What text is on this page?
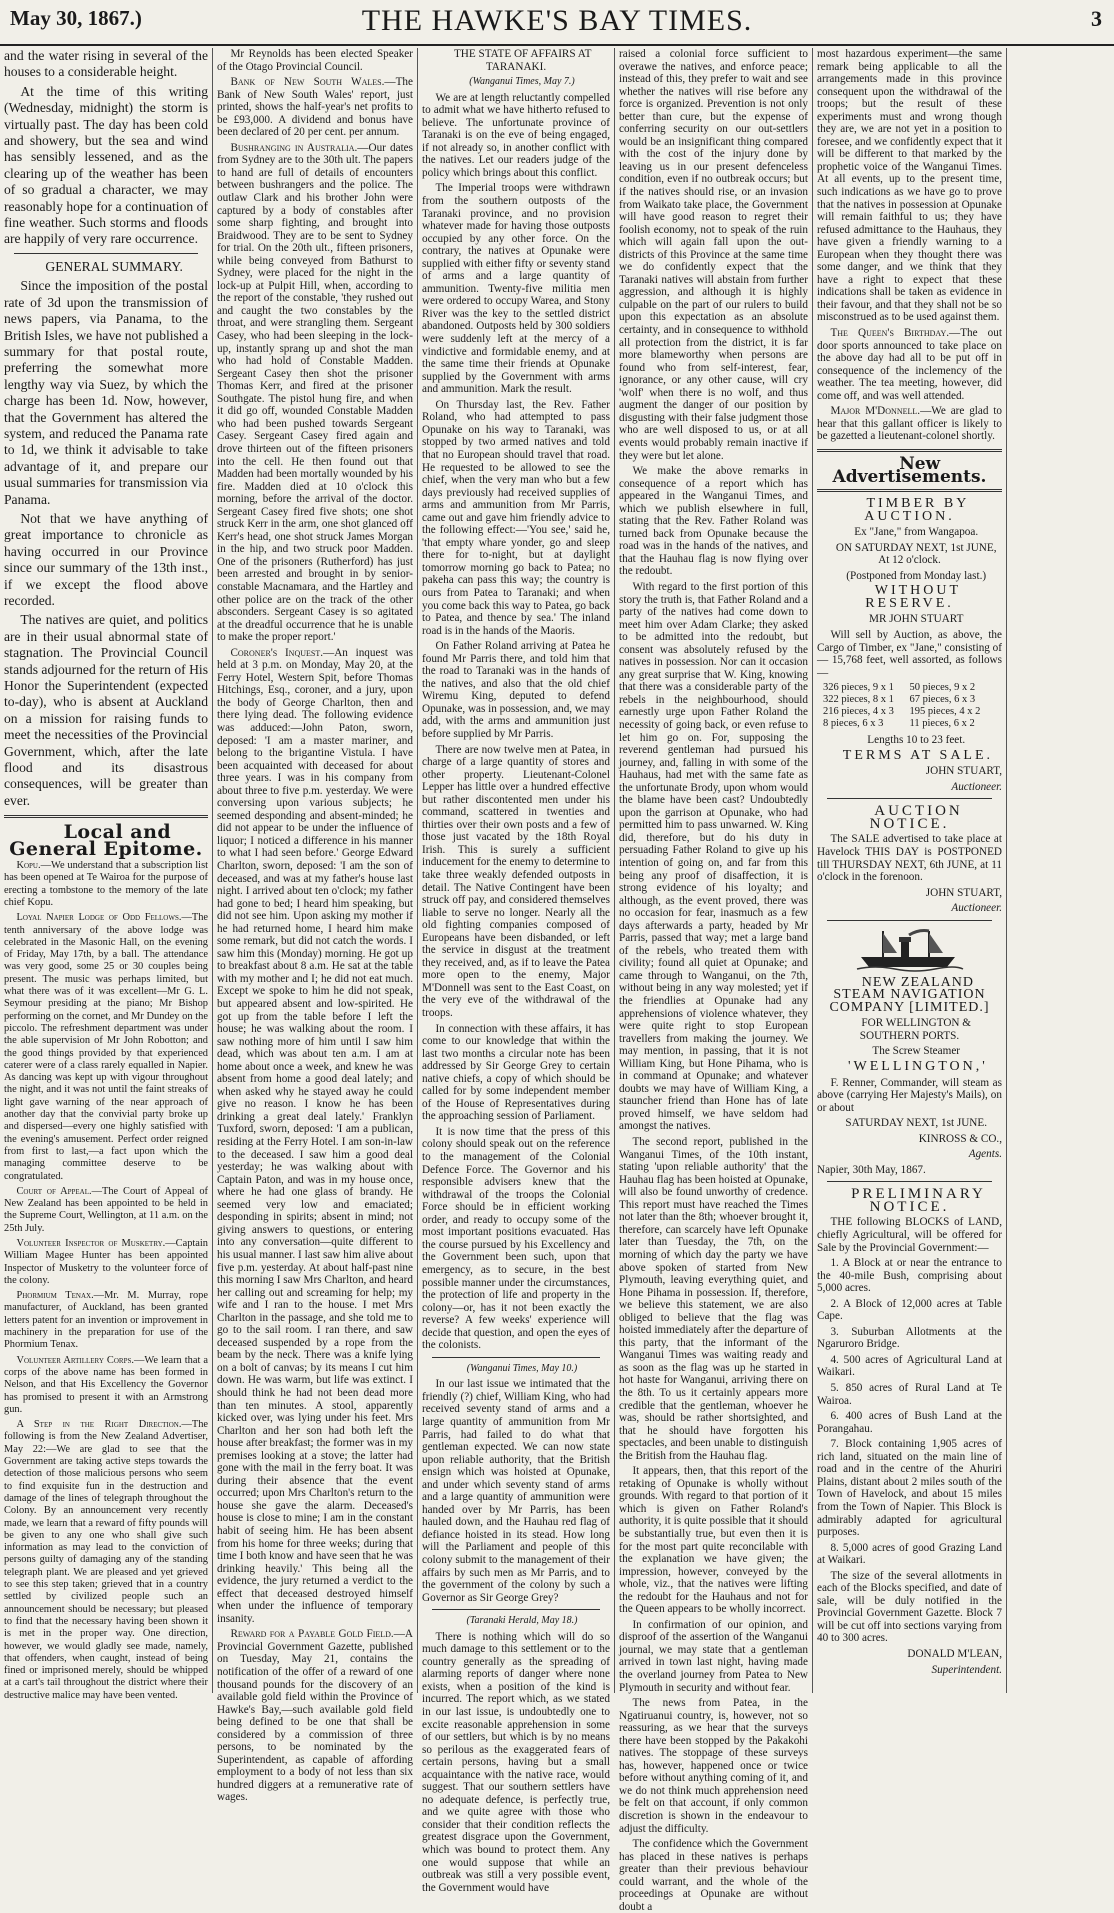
May 30, 1867.)	THE HAWKE'S BAY TIMES.	3

and the water rising in several of the houses to a considerable height.

At the time of this writing (Wednesday, midnight) the storm is virtually past. The day has been cold and showery, but the sea and wind has sensibly lessened, and as the clearing up of the weather has been of so gradual a character, we may reasonably hope for a continuation of fine weather. Such storms and floods are happily of very rare occurrence.

GENERAL SUMMARY.

Since the imposition of the postal rate of 3d upon the transmission of news papers, via Panama, to the British Isles, we have not published a summary for that postal route, preferring the somewhat more lengthy way via Suez, by which the charge has been 1d. Now, however, that the Government has altered the system, and reduced the Panama rate to 1d, we think it advisable to take advantage of it, and prepare our usual summaries for transmission via Panama.

Not that we have anything of great importance to chronicle as having occurred in our Province since our summary of the 13th inst., if we except the flood above recorded.

The natives are quiet, and politics are in their usual abnormal state of stagnation. The Provincial Council stands adjourned for the return of His Honor the Superintendent (expected to-day), who is absent at Auckland on a mission for raising funds to meet the necessities of the Provincial Government, which, after the late flood and its disastrous consequences, will be greater than ever.

Local and General Epitome.

Kopu.—We understand that a subscription list has been opened at Te Wairoa for the purpose of erecting a tombstone to the memory of the late chief Kopu.

Loyal Napier Lodge of Odd Fellows.—The tenth anniversary of the above lodge was celebrated in the Masonic Hall, on the evening of Friday, May 17th, by a ball. The attendance was very good, some 25 or 30 couples being present. The music was perhaps limited, but what there was of it was excellent—Mr G. L. Seymour presiding at the piano; Mr Bishop performing on the cornet, and Mr Dundey on the piccolo. The refreshment department was under the able supervision of Mr John Robotton; and the good things provided by that experienced caterer were of a class rarely equalled in Napier. As dancing was kept up with vigour throughout the night, and it was not until the faint streaks of light gave warning of the near approach of another day that the convivial party broke up and dispersed—every one highly satisfied with the evening's amusement. Perfect order reigned from first to last,—a fact upon which the managing committee deserve to be congratulated.

Court of Appeal.—The Court of Appeal of New Zealand has been appointed to be held in the Supreme Court, Wellington, at 11 a.m. on the 25th July.

Volunteer Inspector of Musketry.—Captain William Magee Hunter has been appointed Inspector of Musketry to the volunteer force of the colony.

Phormium Tenax.—Mr. M. Murray, rope manufacturer, of Auckland, has been granted letters patent for an invention or improvement in machinery in the preparation for use of the Phormium Tenax.

Volunteer Artillery Corps.—We learn that a corps of the above name has been formed in Nelson, and that His Excellency the Governor has promised to present it with an Armstrong gun.

A Step in the Right Direction.—The following is from the New Zealand Advertiser, May 22:—We are glad to see that the Government are taking active steps towards the detection of those malicious persons who seem to find exquisite fun in the destruction and damage of the lines of telegraph throughout the Colony. By an announcement very recently made, we learn that a reward of fifty pounds will be given to any one who shall give such information as may lead to the conviction of persons guilty of damaging any of the standing telegraph plant. We are pleased and yet grieved to see this step taken; grieved that in a country settled by civilized people such an announcement should be necessary; but pleased to find that the necessary having been shown it is met in the proper way. One direction, however, we would gladly see made, namely, that offenders, when caught, instead of being fined or imprisoned merely, should be whipped at a cart's tail throughout the district where their destructive malice may have been vented.

Mr Reynolds has been elected Speaker of the Otago Provincial Council.

Bank of New South Wales.—The Bank of New South Wales' report, just printed, shows the half-year's net profits to be £93,000. A dividend and bonus have been declared of 20 per cent. per annum.

Bushranging in Australia.—Our dates from Sydney are to the 30th ult. The papers to hand are full of details of encounters between bushrangers and the police. The outlaw Clark and his brother John were captured by a body of constables after some sharp fighting, and brought into Braidwood. They are to be sent to Sydney for trial. On the 20th ult., fifteen prisoners, while being conveyed from Bathurst to Sydney, were placed for the night in the lock-up at Pulpit Hill, when, according to the report of the constable, 'they rushed out and caught the two constables by the throat, and were strangling them. Sergeant Casey, who had been sleeping in the lock-up, instantly sprang up and shot the man who had hold of Constable Madden. Sergeant Casey then shot the prisoner Thomas Kerr, and fired at the prisoner Southgate. The pistol hung fire, and when it did go off, wounded Constable Madden who had been pushed towards Sergeant Casey. Sergeant Casey fired again and drove thirteen out of the fifteen prisoners into the cell. He then found out that Madden had been mortally wounded by his fire. Madden died at 10 o'clock this morning, before the arrival of the doctor. Sergeant Casey fired five shots; one shot struck Kerr in the arm, one shot glanced off Kerr's head, one shot struck James Morgan in the hip, and two struck poor Madden. One of the prisoners (Rutherford) has just been arrested and brought in by senior-constable Macnamara, and the Hartley and other police are on the track of the other absconders. Sergeant Casey is so agitated at the dreadful occurrence that he is unable to make the proper report.'

Coroner's Inquest.—An inquest was held at 3 p.m. on Monday, May 20, at the Ferry Hotel, Western Spit, before Thomas Hitchings, Esq., coroner, and a jury, upon the body of George Charlton, then and there lying dead. The following evidence was adduced:—John Paton, sworn, deposed: 'I am a master mariner, and belong to the brigantine Vistula. I have been acquainted with deceased for about three years. I was in his company from about three to five p.m. yesterday. We were conversing upon various subjects; he seemed desponding and absent-minded; he did not appear to be under the influence of liquor; I noticed a difference in his manner to what I had seen before.' George Edward Charlton, sworn, deposed: 'I am the son of deceased, and was at my father's house last night. I arrived about ten o'clock; my father had gone to bed; I heard him speaking, but did not see him. Upon asking my mother if he had returned home, I heard him make some remark, but did not catch the words. I saw him this (Monday) morning. He got up to breakfast about 8 a.m. He sat at the table with my mother and I; he did not eat much. Except we spoke to him he did not speak, but appeared absent and low-spirited. He got up from the table before I left the house; he was walking about the room. I saw nothing more of him until I saw him dead, which was about ten a.m. I am at home about once a week, and knew he was absent from home a good deal lately; and when asked why he stayed away he could give no reason. I know he has been drinking a great deal lately.' Franklyn Tuxford, sworn, deposed: 'I am a publican, residing at the Ferry Hotel. I am son-in-law to the deceased. I saw him a good deal yesterday; he was walking about with Captain Paton, and was in my house once, where he had one glass of brandy. He seemed very low and emaciated; desponding in spirits; absent in mind; not giving answers to questions, or entering into any conversation—quite different to his usual manner. I last saw him alive about five p.m. yesterday. At about half-past nine this morning I saw Mrs Charlton, and heard her calling out and screaming for help; my wife and I ran to the house. I met Mrs Charlton in the passage, and she told me to go to the sail room. I ran there, and saw deceased suspended by a rope from the beam by the neck. There was a knife lying on a bolt of canvas; by its means I cut him down. He was warm, but life was extinct. I should think he had not been dead more than ten minutes. A stool, apparently kicked over, was lying under his feet. Mrs Charlton and her son had both left the house after breakfast; the former was in my premises looking at a stove; the latter had gone with the mail in the ferry boat. It was during their absence that the event occurred; upon Mrs Charlton's return to the house she gave the alarm. Deceased's house is close to mine; I am in the constant habit of seeing him. He has been absent from his home for three weeks; during that time I both know and have seen that he was drinking heavily.' This being all the evidence, the jury returned a verdict to the effect that deceased destroyed himself when under the influence of temporary insanity.

Reward for a Payable Gold Field.—A Provincial Government Gazette, published on Tuesday, May 21, contains the notification of the offer of a reward of one thousand pounds for the discovery of an available gold field within the Province of Hawke's Bay,—such available gold field being defined to be one that shall be considered by a commission of three persons, to be nominated by the Superintendent, as capable of affording employment to a body of not less than six hundred diggers at a remunerative rate of wages.

THE STATE OF AFFAIRS AT TARANAKI.

(Wanganui Times, May 7.)

We are at length reluctantly compelled to admit what we have hitherto refused to believe. The unfortunate province of Taranaki is on the eve of being engaged, if not already so, in another conflict with the natives. Let our readers judge of the policy which brings about this conflict.

The Imperial troops were withdrawn from the southern outposts of the Taranaki province, and no provision whatever made for having those outposts occupied by any other force. On the contrary, the natives at Opunake were supplied with either fifty or seventy stand of arms and a large quantity of ammunition. Twenty-five militia men were ordered to occupy Warea, and Stony River was the key to the settled district abandoned. Outposts held by 300 soldiers were suddenly left at the mercy of a vindictive and formidable enemy, and at the same time their friends at Opunake supplied by the Government with arms and ammunition. Mark the result.

On Thursday last, the Rev. Father Roland, who had attempted to pass Opunake on his way to Taranaki, was stopped by two armed natives and told that no European should travel that road. He requested to be allowed to see the chief, when the very man who but a few days previously had received supplies of arms and ammunition from Mr Parris, came out and gave him friendly advice to the following effect:—'You see,' said he, 'that empty whare yonder, go and sleep there for to-night, but at daylight tomorrow morning go back to Patea; no pakeha can pass this way; the country is ours from Patea to Taranaki; and when you come back this way to Patea, go back to Patea, and thence by sea.' The inland road is in the hands of the Maoris.

On Father Roland arriving at Patea he found Mr Parris there, and told him that the road to Taranaki was in the hands of the natives, and also that the old chief Wiremu King, deputed to defend Opunake, was in possession, and, we may add, with the arms and ammunition just before supplied by Mr Parris.

There are now twelve men at Patea, in charge of a large quantity of stores and other property. Lieutenant-Colonel Lepper has little over a hundred effective but rather discontented men under his command, scattered in twenties and thirties over their own posts and a few of those just vacated by the 18th Royal Irish. This is surely a sufficient inducement for the enemy to determine to take three weakly defended outposts in detail. The Native Contingent have been struck off pay, and considered themselves liable to serve no longer. Nearly all the old fighting companies composed of Europeans have been disbanded, or left the service in disgust at the treatment they received, and, as if to leave the Patea more open to the enemy, Major M'Donnell was sent to the East Coast, on the very eve of the withdrawal of the troops.

In connection with these affairs, it has come to our knowledge that within the last two months a circular note has been addressed by Sir George Grey to certain native chiefs, a copy of which should be called for by some independent member of the House of Representatives during the approaching session of Parliament.

It is now time that the press of this colony should speak out on the reference to the management of the Colonial Defence Force. The Governor and his responsible advisers knew that the withdrawal of the troops the Colonial Force should be in efficient working order, and ready to occupy some of the most important positions evacuated. Has the course pursued by his Excellency and the Government been such, upon that emergency, as to secure, in the best possible manner under the circumstances, the protection of life and property in the colony—or, has it not been exactly the reverse? A few weeks' experience will decide that question, and open the eyes of the colonists.

(Wanganui Times, May 10.)

In our last issue we intimated that the friendly (?) chief, William King, who had received seventy stand of arms and a large quantity of ammunition from Mr Parris, had failed to do what that gentleman expected. We can now state upon reliable authority, that the British ensign which was hoisted at Opunake, and under which seventy stand of arms and a large quantity of ammunition were handed over by Mr Parris, has been hauled down, and the Hauhau red flag of defiance hoisted in its stead. How long will the Parliament and people of this colony submit to the management of their affairs by such men as Mr Parris, and to the government of the colony by such a Governor as Sir George Grey?

(Taranaki Herald, May 18.)

There is nothing which will do so much damage to this settlement or to the country generally as the spreading of alarming reports of danger where none exists, when a position of the kind is incurred. The report which, as we stated in our last issue, is undoubtedly one to excite reasonable apprehension in some of our settlers, but which is by no means so perilous as the exaggerated fears of certain persons, having but a small acquaintance with the native race, would suggest. That our southern settlers have no adequate defence, is perfectly true, and we quite agree with those who consider that their condition reflects the greatest disgrace upon the Government, which was bound to protect them. Any one would suppose that while an outbreak was still a very possible event, the Government would have

raised a colonial force sufficient to overawe the natives, and enforce peace; instead of this, they prefer to wait and see whether the natives will rise before any force is organized. Prevention is not only better than cure, but the expense of conferring security on our out-settlers would be an insignificant thing compared with the cost of the injury done by leaving us in our present defenceless condition, even if no outbreak occurs; but if the natives should rise, or an invasion from Waikato take place, the Government will have good reason to regret their foolish economy, not to speak of the ruin which will again fall upon the out-districts of this Province at the same time we do confidently expect that the Taranaki natives will abstain from further aggression, and although it is highly culpable on the part of our rulers to build upon this expectation as an absolute certainty, and in consequence to withhold all protection from the district, it is far more blameworthy when persons are found who from self-interest, fear, ignorance, or any other cause, will cry 'wolf' when there is no wolf, and thus augment the danger of our position by disgusting with their false judgment those who are well disposed to us, or at all events would probably remain inactive if they were but let alone.

We make the above remarks in consequence of a report which has appeared in the Wanganui Times, and which we publish elsewhere in full, stating that the Rev. Father Roland was turned back from Opunake because the road was in the hands of the natives, and that the Hauhau flag is now flying over the redoubt.

With regard to the first portion of this story the truth is, that Father Roland and a party of the natives had come down to meet him over Adam Clarke; they asked to be admitted into the redoubt, but consent was absolutely refused by the natives in possession. Nor can it occasion any great surprise that W. King, knowing that there was a considerable party of the rebels in the neighbourhood, should earnestly urge upon Father Roland the necessity of going back, or even refuse to let him go on. For, supposing the reverend gentleman had pursued his journey, and, falling in with some of the Hauhaus, had met with the same fate as the unfortunate Brody, upon whom would the blame have been cast? Undoubtedly upon the garrison at Opunake, who had permitted him to pass unwarned. W. King did, therefore, but do his duty in persuading Father Roland to give up his intention of going on, and far from this being any proof of disaffection, it is strong evidence of his loyalty; and although, as the event proved, there was no occasion for fear, inasmuch as a few days afterwards a party, headed by Mr Parris, passed that way; met a large band of the rebels, who treated them with civility; found all quiet at Opunake; and came through to Wanganui, on the 7th, without being in any way molested; yet if the friendlies at Opunake had any apprehensions of violence whatever, they were quite right to stop European travellers from making the journey. We may mention, in passing, that it is not William King, but Hone Pihama, who is in command at Opunake; and whatever doubts we may have of William King, a stauncher friend than Hone has of late proved himself, we have seldom had amongst the natives.

The second report, published in the Wanganui Times, of the 10th instant, stating 'upon reliable authority' that the Hauhau flag has been hoisted at Opunake, will also be found unworthy of credence. This report must have reached the Times not later than the 8th; whoever brought it, therefore, can scarcely have left Opunake later than Tuesday, the 7th, on the morning of which day the party we have above spoken of started from New Plymouth, leaving everything quiet, and Hone Pihama in possession. If, therefore, we believe this statement, we are also obliged to believe that the flag was hoisted immediately after the departure of this party, that the informant of the Wanganui Times was waiting ready and as soon as the flag was up he started in hot haste for Wanganui, arriving there on the 8th. To us it certainly appears more credible that the gentleman, whoever he was, should be rather shortsighted, and that he should have forgotten his spectacles, and been unable to distinguish the British from the Hauhau flag.

It appears, then, that this report of the retaking of Opunake is wholly without grounds. With regard to that portion of it which is given on Father Roland's authority, it is quite possible that it should be substantially true, but even then it is for the most part quite reconcilable with the explanation we have given; the impression, however, conveyed by the whole, viz., that the natives were lifting the redoubt for the Hauhaus and not for the Queen appears to be wholly incorrect.

In confirmation of our opinion, and disproof of the assertion of the Wanganui journal, we may state that a gentleman arrived in town last night, having made the overland journey from Patea to New Plymouth in security and without fear.

The news from Patea, in the Ngatiruanui country, is, however, not so reassuring, as we hear that the surveys there have been stopped by the Pakakohi natives. The stoppage of these surveys has, however, happened once or twice before without anything coming of it, and we do not think much apprehension need be felt on that account, if only common discretion is shown in the endeavour to adjust the difficulty.

The confidence which the Government has placed in these natives is perhaps greater than their previous behaviour could warrant, and the whole of the proceedings at Opunake are without doubt a

most hazardous experiment—the same remark being applicable to all the arrangements made in this province consequent upon the withdrawal of the troops; but the result of these experiments must and wrong though they are, we are not yet in a position to foresee, and we confidently expect that it will be different to that marked by the prophetic voice of the Wanganui Times. At all events, up to the present time, such indications as we have go to prove that the natives in possession at Opunake will remain faithful to us; they have refused admittance to the Hauhaus, they have given a friendly warning to a European when they thought there was some danger, and we think that they have a right to expect that these indications shall be taken as evidence in their favour, and that they shall not be so misconstrued as to be used against them.

The Queen's Birthday.—The out door sports announced to take place on the above day had all to be put off in consequence of the inclemency of the weather. The tea meeting, however, did come off, and was well attended.

Major M'Donnell.—We are glad to hear that this gallant officer is likely to be gazetted a lieutenant-colonel shortly.

New Advertisements.

TIMBER BY AUCTION.

Ex "Jane," from Wangapoa.

ON SATURDAY NEXT, 1st JUNE, At 12 o'clock.

(Postponed from Monday last.)

WITHOUT RESERVE.

MR JOHN STUART

Will sell by Auction, as above, the Cargo of Timber, ex "Jane," consisting of— 15,768 feet, well assorted, as follows—

326 pieces, 9 x 1	50 pieces, 9 x 2
322 pieces, 8 x 1	67 pieces, 6 x 3
216 pieces, 4 x 3	195 pieces, 4 x 2
8 pieces, 6 x 3	11 pieces, 6 x 2

Lengths 10 to 23 feet.

TERMS AT SALE.

JOHN STUART,

Auctioneer.

AUCTION NOTICE.

The SALE advertised to take place at Havelock THIS DAY is POSTPONED till THURSDAY NEXT, 6th JUNE, at 11 o'clock in the forenoon.

JOHN STUART,

Auctioneer.

NEW ZEALAND STEAM NAVIGATION COMPANY [LIMITED.]

FOR WELLINGTON & SOUTHERN PORTS.

The Screw Steamer

'WELLINGTON,'

F. Renner, Commander, will steam as above (carrying Her Majesty's Mails), on or about

SATURDAY NEXT, 1st JUNE.

KINROSS & CO.,

Agents.

Napier, 30th May, 1867.

PRELIMINARY NOTICE.

THE following BLOCKS of LAND, chiefly Agricultural, will be offered for Sale by the Provincial Government:—

1. A Block at or near the entrance to the 40-mile Bush, comprising about 5,000 acres.

2. A Block of 12,000 acres at Table Cape.

3. Suburban Allotments at the Ngaruroro Bridge.

4. 500 acres of Agricultural Land at Waikari.

5. 850 acres of Rural Land at Te Wairoa.

6. 400 acres of Bush Land at the Porangahau.

7. Block containing 1,905 acres of rich land, situated on the main line of road and in the centre of the Ahuriri Plains, distant about 2 miles south of the Town of Havelock, and about 15 miles from the Town of Napier. This Block is admirably adapted for agricultural purposes.

8. 5,000 acres of good Grazing Land at Waikari.

The size of the several allotments in each of the Blocks specified, and date of sale, will be duly notified in the Provincial Government Gazette. Block 7 will be cut off into sections varying from 40 to 300 acres.

DONALD M'LEAN,

Superintendent.
